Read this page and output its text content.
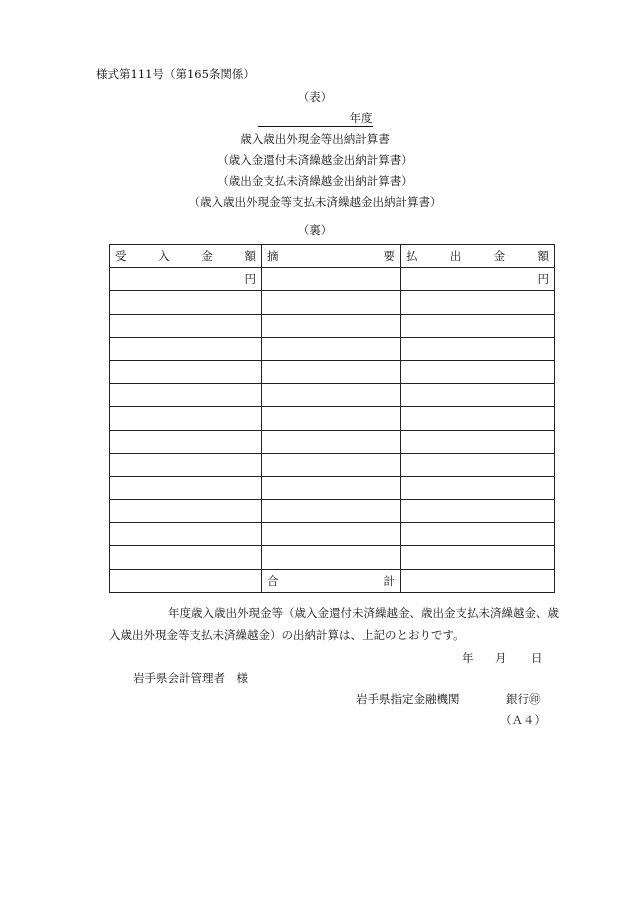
様式第111号（第165条関係）
（表）
年度
歳入歳出外現金等出納計算書
（歳入金還付未済繰越金出納計算書）
（歳出金支払未済繰越金出納計算書）
（歳入歳出外現金等支払未済繰越金出納計算書）
（裏）
受 入 金 額	摘 要	払 出 金 額

円		円

	合 計	

年度歳入歳出外現金等（歳入金還付未済繰越金、歳出金支払未済繰越金、歳
入歳出外現金等支払未済繰越金）の出納計算は、上記のとおりです。
年 月 日
岩手県会計管理者　様
岩手県指定金融機関	銀行㊞
（Ａ４）
